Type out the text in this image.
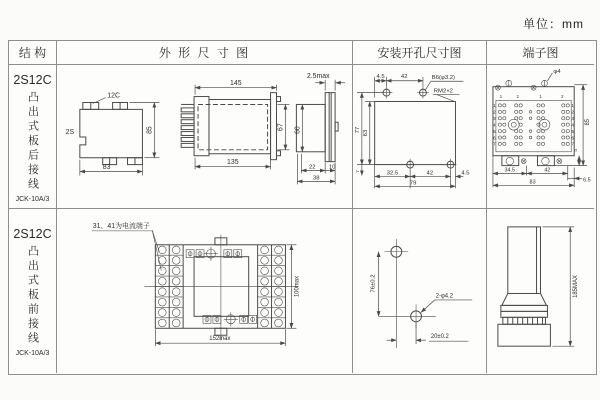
单位：mm
结 构	外 形 尺 寸 图	安装开孔尺寸图	端子图
2S12C
凸出式板后接线
JCK-10A/3
12C
2S	85
83
145
135
67
2.5max
60
22 10
38
4.5	42	B6(φ3.2)
RM2×2
77 63
7	32.5	42	4.5
79
1	2	1	2
1
2
3
4
5
6
7
1
2
3
4
5
6
7
φ4
85
4
34.5	42
6.5
83
2S12C
凸出式板前接线
JCK-10A/3
31、41为电流端子
100max
152max
2-φ4.2
20±0.2
76±0.2	185MAX
